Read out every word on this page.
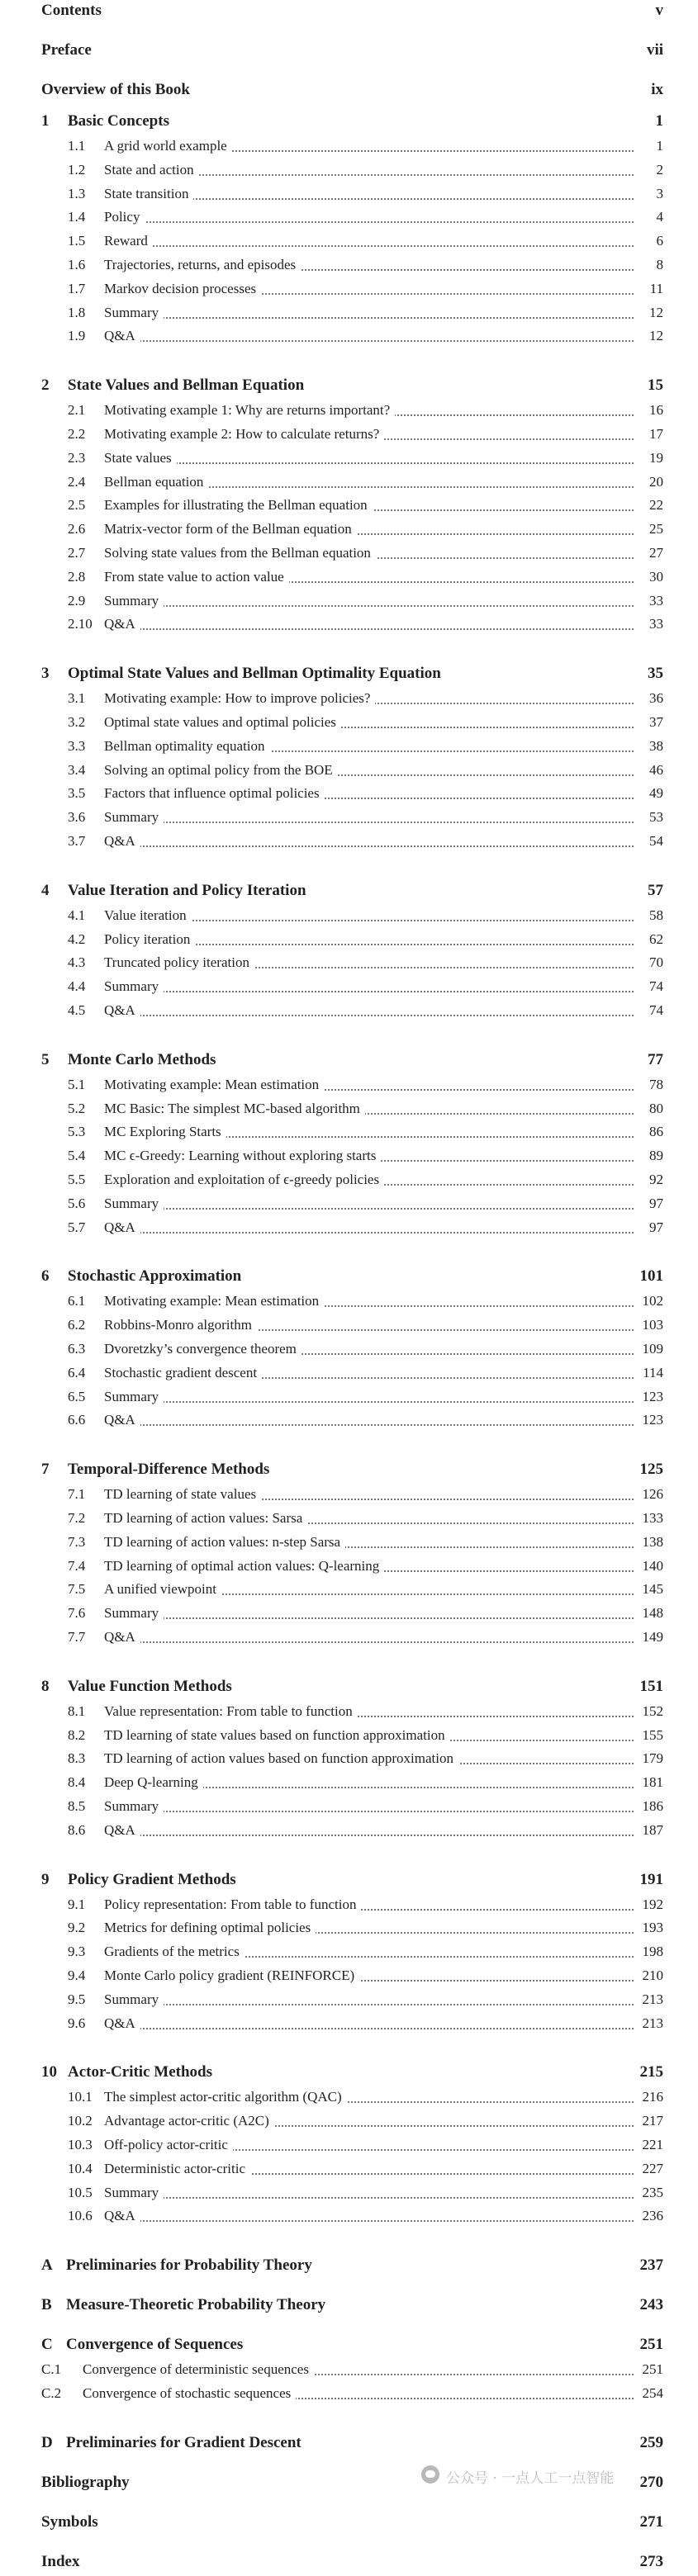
Contents	v
Preface	vii
Overview of this Book	ix
1 Basic Concepts	1
1.1 A grid world example	1
1.2 State and action	2
1.3 State transition	3
1.4 Policy	4
1.5 Reward	6
1.6 Trajectories, returns, and episodes	8
1.7 Markov decision processes	11
1.8 Summary	12
1.9 Q&A	12
2 State Values and Bellman Equation	15
2.1 Motivating example 1: Why are returns important?	16
2.2 Motivating example 2: How to calculate returns?	17
2.3 State values	19
2.4 Bellman equation	20
2.5 Examples for illustrating the Bellman equation	22
2.6 Matrix-vector form of the Bellman equation	25
2.7 Solving state values from the Bellman equation	27
2.8 From state value to action value	30
2.9 Summary	33
2.10 Q&A	33
3 Optimal State Values and Bellman Optimality Equation	35
3.1 Motivating example: How to improve policies?	36
3.2 Optimal state values and optimal policies	37
3.3 Bellman optimality equation	38
3.4 Solving an optimal policy from the BOE	46
3.5 Factors that influence optimal policies	49
3.6 Summary	53
3.7 Q&A	54
4 Value Iteration and Policy Iteration	57
4.1 Value iteration	58
4.2 Policy iteration	62
4.3 Truncated policy iteration	70
4.4 Summary	74
4.5 Q&A	74
5 Monte Carlo Methods	77
5.1 Motivating example: Mean estimation	78
5.2 MC Basic: The simplest MC-based algorithm	80
5.3 MC Exploring Starts	86
5.4 MC ϵ-Greedy: Learning without exploring starts	89
5.5 Exploration and exploitation of ϵ-greedy policies	92
5.6 Summary	97
5.7 Q&A	97
6 Stochastic Approximation	101
6.1 Motivating example: Mean estimation	102
6.2 Robbins-Monro algorithm	103
6.3 Dvoretzky’s convergence theorem	109
6.4 Stochastic gradient descent	114
6.5 Summary	123
6.6 Q&A	123
7 Temporal-Difference Methods	125
7.1 TD learning of state values	126
7.2 TD learning of action values: Sarsa	133
7.3 TD learning of action values: n-step Sarsa	138
7.4 TD learning of optimal action values: Q-learning	140
7.5 A unified viewpoint	145
7.6 Summary	148
7.7 Q&A	149
8 Value Function Methods	151
8.1 Value representation: From table to function	152
8.2 TD learning of state values based on function approximation	155
8.3 TD learning of action values based on function approximation	179
8.4 Deep Q-learning	181
8.5 Summary	186
8.6 Q&A	187
9 Policy Gradient Methods	191
9.1 Policy representation: From table to function	192
9.2 Metrics for defining optimal policies	193
9.3 Gradients of the metrics	198
9.4 Monte Carlo policy gradient (REINFORCE)	210
9.5 Summary	213
9.6 Q&A	213
10 Actor-Critic Methods	215
10.1 The simplest actor-critic algorithm (QAC)	216
10.2 Advantage actor-critic (A2C)	217
10.3 Off-policy actor-critic	221
10.4 Deterministic actor-critic	227
10.5 Summary	235
10.6 Q&A	236
A Preliminaries for Probability Theory	237
B Measure-Theoretic Probability Theory	243
C Convergence of Sequences	251
C.1 Convergence of deterministic sequences	251
C.2 Convergence of stochastic sequences	254
D Preliminaries for Gradient Descent	259
Bibliography	270
Symbols	271
Index	273
公众号 · 一点人工一点智能
